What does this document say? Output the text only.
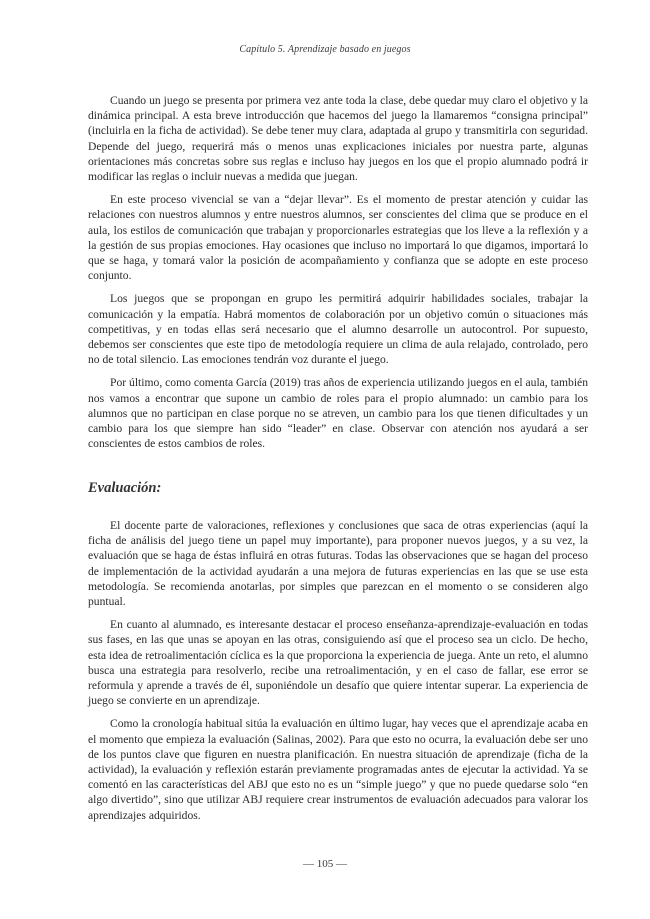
Capítulo 5. Aprendizaje basado en juegos

Cuando un juego se presenta por primera vez ante toda la clase, debe quedar muy claro el objetivo y la dinámica principal. A esta breve introducción que hacemos del juego la llamaremos “consigna principal” (incluirla en la ficha de actividad). Se debe tener muy clara, adaptada al grupo y transmitirla con seguridad. Depende del juego, requerirá más o menos unas explicaciones iniciales por nuestra parte, algunas orientaciones más concretas sobre sus reglas e incluso hay juegos en los que el propio alumnado podrá ir modificar las reglas o incluir nuevas a medida que juegan.

En este proceso vivencial se van a “dejar llevar”. Es el momento de prestar atención y cuidar las relaciones con nuestros alumnos y entre nuestros alumnos, ser conscientes del clima que se produce en el aula, los estilos de comunicación que trabajan y proporcionarles estrategias que los lleve a la reflexión y a la gestión de sus propias emociones. Hay ocasiones que incluso no importará lo que digamos, importará lo que se haga, y tomará valor la posición de acompañamiento y confianza que se adopte en este proceso conjunto.

Los juegos que se propongan en grupo les permitirá adquirir habilidades sociales, trabajar la comunicación y la empatía. Habrá momentos de colaboración por un objetivo común o situaciones más competitivas, y en todas ellas será necesario que el alumno desarrolle un autocontrol. Por supuesto, debemos ser conscientes que este tipo de metodología requiere un clima de aula relajado, controlado, pero no de total silencio. Las emociones tendrán voz durante el juego.

Por último, como comenta García (2019) tras años de experiencia utilizando juegos en el aula, también nos vamos a encontrar que supone un cambio de roles para el propio alumnado: un cambio para los alumnos que no participan en clase porque no se atreven, un cambio para los que tienen dificultades y un cambio para los que siempre han sido “leader” en clase. Observar con atención nos ayudará a ser conscientes de estos cambios de roles.

Evaluación:

El docente parte de valoraciones, reflexiones y conclusiones que saca de otras experiencias (aquí la ficha de análisis del juego tiene un papel muy importante), para proponer nuevos juegos, y a su vez, la evaluación que se haga de éstas influirá en otras futuras. Todas las observaciones que se hagan del proceso de implementación de la actividad ayudarán a una mejora de futuras experiencias en las que se use esta metodología. Se recomienda anotarlas, por simples que parezcan en el momento o se consideren algo puntual.

En cuanto al alumnado, es interesante destacar el proceso enseñanza-aprendizaje-evaluación en todas sus fases, en las que unas se apoyan en las otras, consiguiendo así que el proceso sea un ciclo. De hecho, esta idea de retroalimentación cíclica es la que proporciona la experiencia de juega. Ante un reto, el alumno busca una estrategia para resolverlo, recibe una retroalimentación, y en el caso de fallar, ese error se reformula y aprende a través de él, suponiéndole un desafío que quiere intentar superar. La experiencia de juego se convierte en un aprendizaje.

Como la cronología habitual sitúa la evaluación en último lugar, hay veces que el aprendizaje acaba en el momento que empieza la evaluación (Salinas, 2002). Para que esto no ocurra, la evaluación debe ser uno de los puntos clave que figuren en nuestra planificación. En nuestra situación de aprendizaje (ficha de la actividad), la evaluación y reflexión estarán previamente programadas antes de ejecutar la actividad. Ya se comentó en las características del ABJ que esto no es un “simple juego” y que no puede quedarse solo “en algo divertido”, sino que utilizar ABJ requiere crear instrumentos de evaluación adecuados para valorar los aprendizajes adquiridos.

— 105 —
